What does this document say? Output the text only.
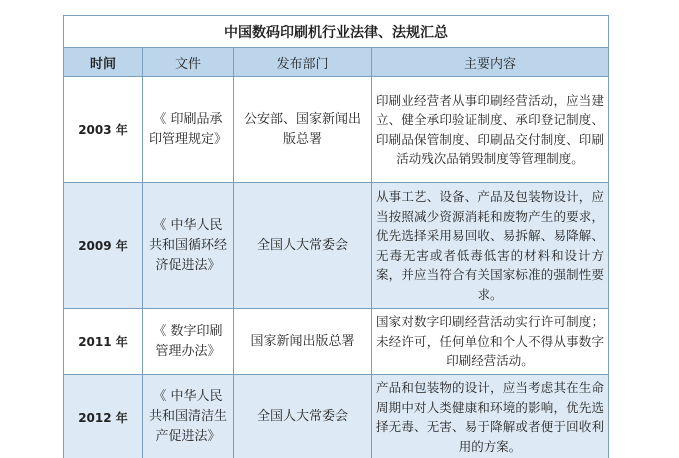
中国数码印刷机行业法律、法规汇总			
时间	文件	发布部门	主要内容
2003 年	《 印刷品承印管理规定》	公安部、国家新闻出版总署	印刷业经营者从事印刷经营活动，应当建立、健全承印验证制度、承印登记制度、印刷品保管制度、印刷品交付制度、印刷活动残次品销毁制度等管理制度。
2009 年	《 中华人民共和国循环经济促进法》	全国人大常委会	从事工艺、设备、产品及包装物设计，应当按照减少资源消耗和废物产生的要求，优先选择采用易回收、易拆解、易降解、无毒无害或者低毒低害的材料和设计方案，并应当符合有关国家标准的强制性要求。
2011 年	《 数字印刷管理办法》	国家新闻出版总署	国家对数字印刷经营活动实行许可制度；未经许可，任何单位和个人不得从事数字印刷经营活动。
2012 年	《 中华人民共和国清洁生产促进法》	全国人大常委会	产品和包装物的设计，应当考虑其在生命周期中对人类健康和环境的影响，优先选择无毒、无害、易于降解或者便于回收利用的方案。
